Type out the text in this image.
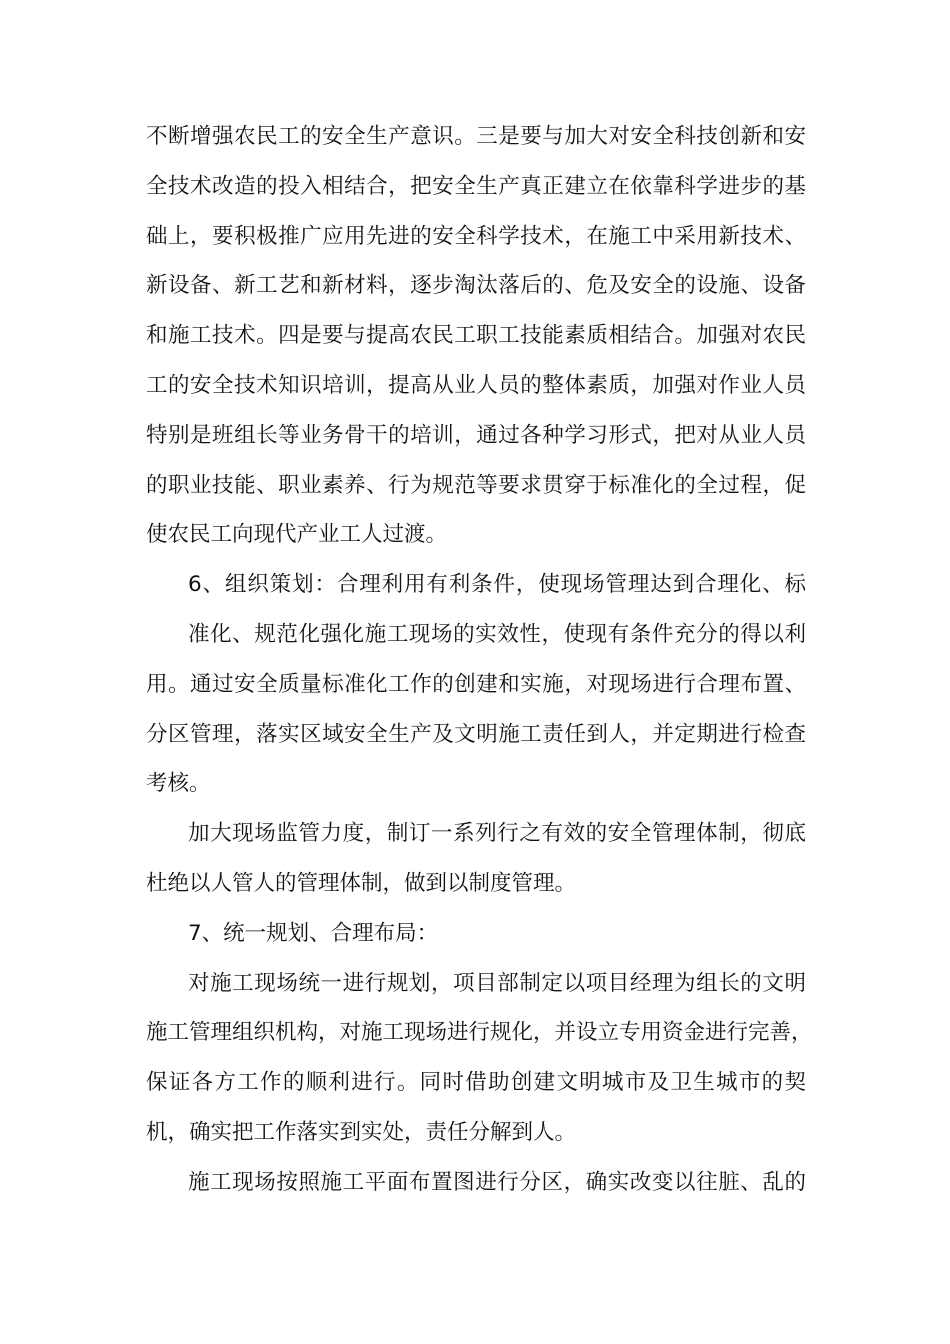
不断增强农民工的安全生产意识。三是要与加大对安全科技创新和安
全技术改造的投入相结合，把安全生产真正建立在依靠科学进步的基
础上，要积极推广应用先进的安全科学技术，在施工中采用新技术、
新设备、新工艺和新材料，逐步淘汰落后的、危及安全的设施、设备
和施工技术。四是要与提高农民工职工技能素质相结合。加强对农民
工的安全技术知识培训，提高从业人员的整体素质，加强对作业人员
特别是班组长等业务骨干的培训，通过各种学习形式，把对从业人员
的职业技能、职业素养、行为规范等要求贯穿于标准化的全过程，促
使农民工向现代产业工人过渡。
6、组织策划：合理利用有利条件，使现场管理达到合理化、标
准化、规范化强化施工现场的实效性，使现有条件充分的得以利
用。通过安全质量标准化工作的创建和实施，对现场进行合理布置、
分区管理，落实区域安全生产及文明施工责任到人，并定期进行检查
考核。
加大现场监管力度，制订一系列行之有效的安全管理体制，彻底
杜绝以人管人的管理体制，做到以制度管理。
7、统一规划、合理布局：
对施工现场统一进行规划，项目部制定以项目经理为组长的文明
施工管理组织机构，对施工现场进行规化，并设立专用资金进行完善，
保证各方工作的顺利进行。同时借助创建文明城市及卫生城市的契
机，确实把工作落实到实处，责任分解到人。
施工现场按照施工平面布置图进行分区，确实改变以往脏、乱的
